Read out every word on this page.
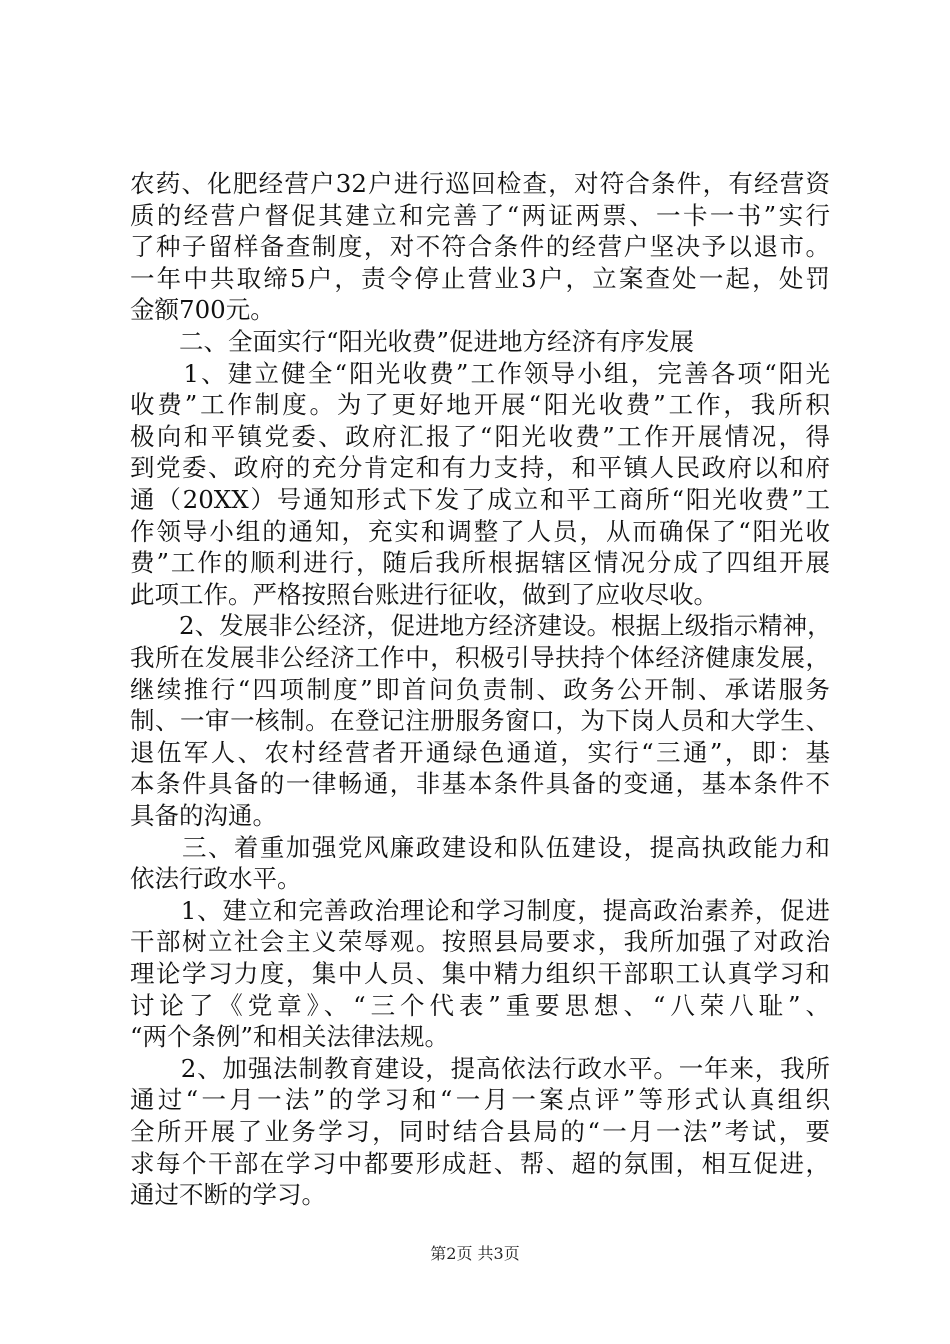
农药、化肥经营户32户进行巡回检查，对符合条件，有经营资
质的经营户督促其建立和完善了“两证两票、一卡一书”实行
了种子留样备查制度，对不符合条件的经营户坚决予以退市。
一年中共取缔5户，责令停止营业3户，立案查处一起，处罚
金额700元。
　　二、全面实行“阳光收费”促进地方经济有序发展
　　1、建立健全“阳光收费”工作领导小组，完善各项“阳光
收费”工作制度。为了更好地开展“阳光收费”工作，我所积
极向和平镇党委、政府汇报了“阳光收费”工作开展情况，得
到党委、政府的充分肯定和有力支持，和平镇人民政府以和府
通（20XX）号通知形式下发了成立和平工商所“阳光收费”工
作领导小组的通知，充实和调整了人员，从而确保了“阳光收
费”工作的顺利进行，随后我所根据辖区情况分成了四组开展
此项工作。严格按照台账进行征收，做到了应收尽收。
　　2、发展非公经济，促进地方经济建设。根据上级指示精神，
我所在发展非公经济工作中，积极引导扶持个体经济健康发展，
继续推行“四项制度”即首问负责制、政务公开制、承诺服务
制、一审一核制。在登记注册服务窗口，为下岗人员和大学生、
退伍军人、农村经营者开通绿色通道，实行“三通”，即：基
本条件具备的一律畅通，非基本条件具备的变通，基本条件不
具备的沟通。
　　三、着重加强党风廉政建设和队伍建设，提高执政能力和
依法行政水平。
　　1、建立和完善政治理论和学习制度，提高政治素养，促进
干部树立社会主义荣辱观。按照县局要求，我所加强了对政治
理论学习力度，集中人员、集中精力组织干部职工认真学习和
讨论了《党章》、“三个代表”重要思想、“八荣八耻”、
“两个条例”和相关法律法规。
　　2、加强法制教育建设，提高依法行政水平。一年来，我所
通过“一月一法”的学习和“一月一案点评”等形式认真组织
全所开展了业务学习，同时结合县局的“一月一法”考试，要
求每个干部在学习中都要形成赶、帮、超的氛围，相互促进，
通过不断的学习。
第2页 共3页
